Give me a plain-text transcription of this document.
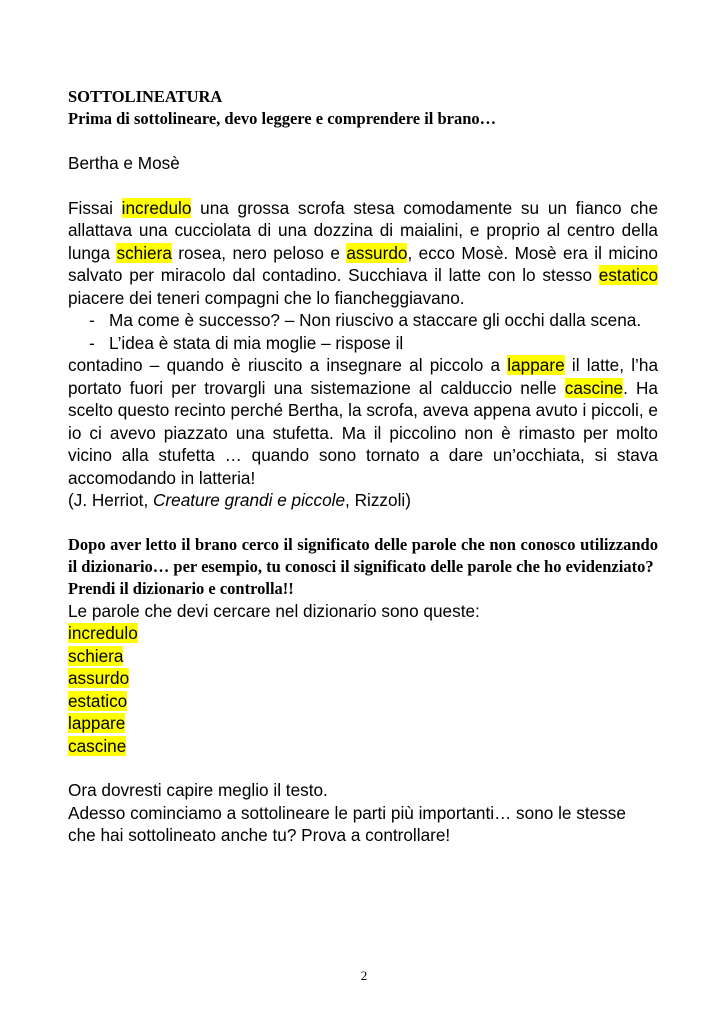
SOTTOLINEATURA
Prima di sottolineare, devo leggere e comprendere il brano…
Bertha e Mosè

Fissai incredulo una grossa scrofa stesa comodamente su un fianco che allattava una cucciolata di una dozzina di maialini, e proprio al centro della lunga schiera rosea, nero peloso e assurdo, ecco Mosè. Mosè era il micino salvato per miracolo dal contadino. Succhiava il latte con lo stesso estatico piacere dei teneri compagni che lo fiancheggiavano.

- Ma come è successo? – Non riuscivo a staccare gli occhi dalla scena.
- L’idea è stata di mia moglie – rispose il

contadino – quando è riuscito a insegnare al piccolo a lappare il latte, l’ha portato fuori per trovargli una sistemazione al calduccio nelle cascine. Ha scelto questo recinto perché Bertha, la scrofa, aveva appena avuto i piccoli, e io ci avevo piazzato una stufetta. Ma il piccolino non è rimasto per molto vicino alla stufetta … quando sono tornato a dare un’occhiata, si stava accomodando in latteria!

(J. Herriot, Creature grandi e piccole, Rizzoli)

Dopo aver letto il brano cerco il significato delle parole che non conosco utilizzando il dizionario… per esempio, tu conosci il significato delle parole che ho evidenziato?

Prendi il dizionario e controlla!!
Le parole che devi cercare nel dizionario sono queste:
incredulo
schiera
assurdo
estatico
lappare
cascine
Ora dovresti capire meglio il testo.
Adesso cominciamo a sottolineare le parti più importanti… sono le stesse che hai sottolineato anche tu? Prova a controllare!
2
